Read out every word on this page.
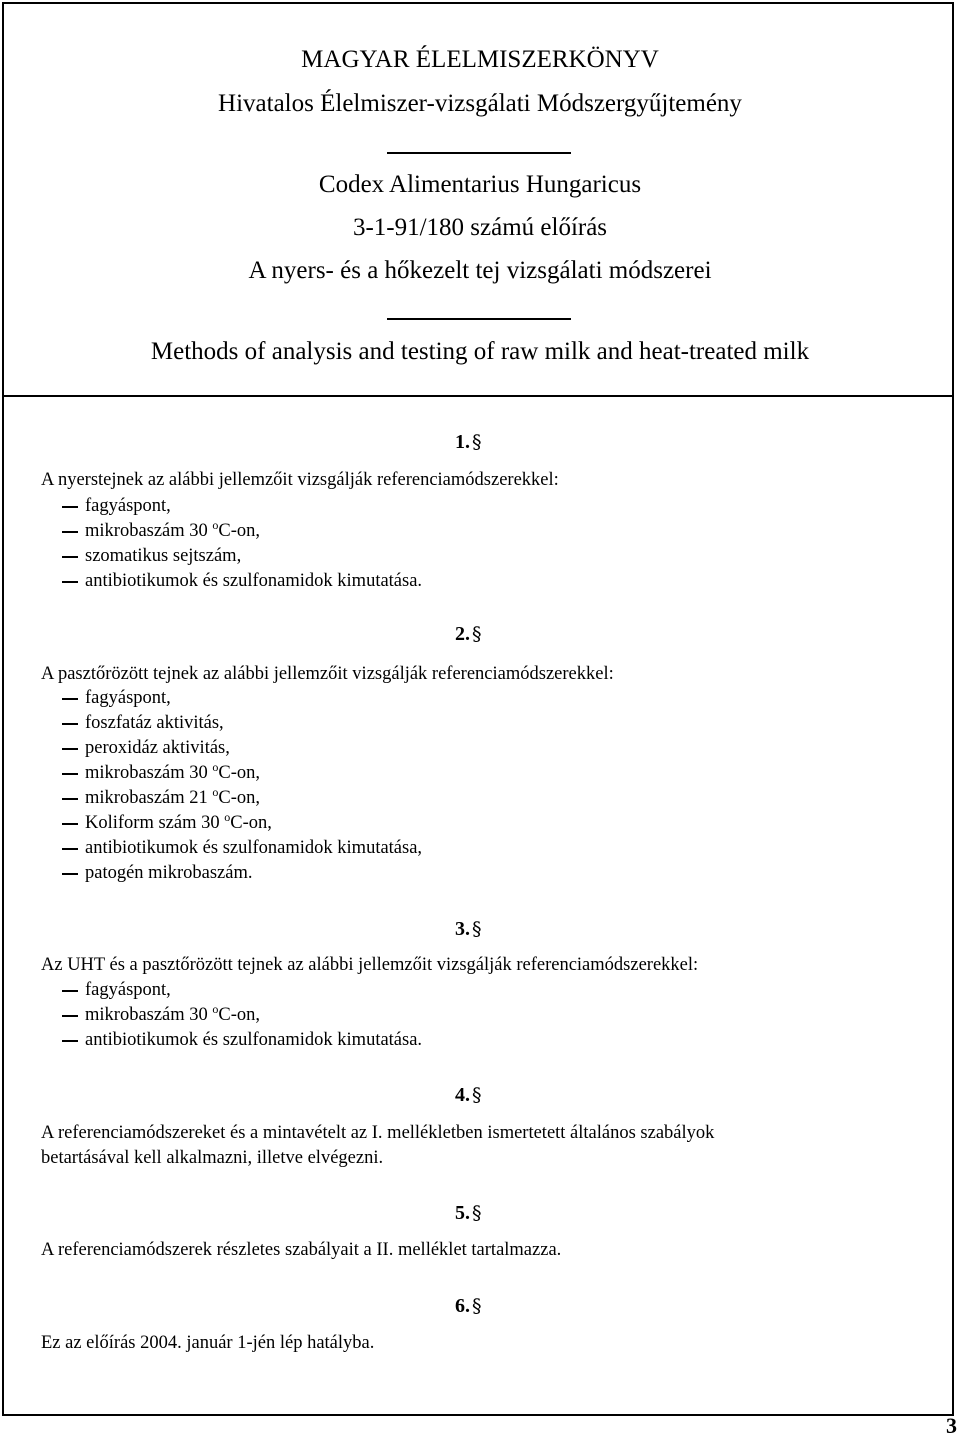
MAGYAR ÉLELMISZERKÖNYV
Hivatalos Élelmiszer-vizsgálati Módszergyűjtemény
Codex Alimentarius Hungaricus
3-1-91/180 számú előírás
A nyers- és a hőkezelt tej vizsgálati módszerei
Methods of analysis and testing of raw milk and heat-treated milk
1. §
A nyerstejnek az alábbi jellemzőit vizsgálják referenciamódszerekkel:
fagyáspont,
mikrobaszám 30 $^o$C-on,
szomatikus sejtszám,
antibiotikumok és szulfonamidok kimutatása.
2. §
A pasztőrözött tejnek az alábbi jellemzőit vizsgálják referenciamódszerekkel:
fagyáspont,
foszfatáz aktivitás,
peroxidáz aktivitás,
mikrobaszám 30 $^o$C-on,
mikrobaszám 21 $^o$C-on,
Koliform szám 30 $^o$C-on,
antibiotikumok és szulfonamidok kimutatása,
patogén mikrobaszám.
3. §
Az UHT és a pasztőrözött tejnek az alábbi jellemzőit vizsgálják referenciamódszerekkel:
fagyáspont,
mikrobaszám 30 $^o$C-on,
antibiotikumok és szulfonamidok kimutatása.
4. §
A referenciamódszereket és a mintavételt az I. mellékletben ismertetett általános szabályok
betartásával kell alkalmazni, illetve elvégezni.
5. §
A referenciamódszerek részletes szabályait a II. melléklet tartalmazza.
6. §
Ez az előírás 2004. január 1-jén lép hatályba.
3
